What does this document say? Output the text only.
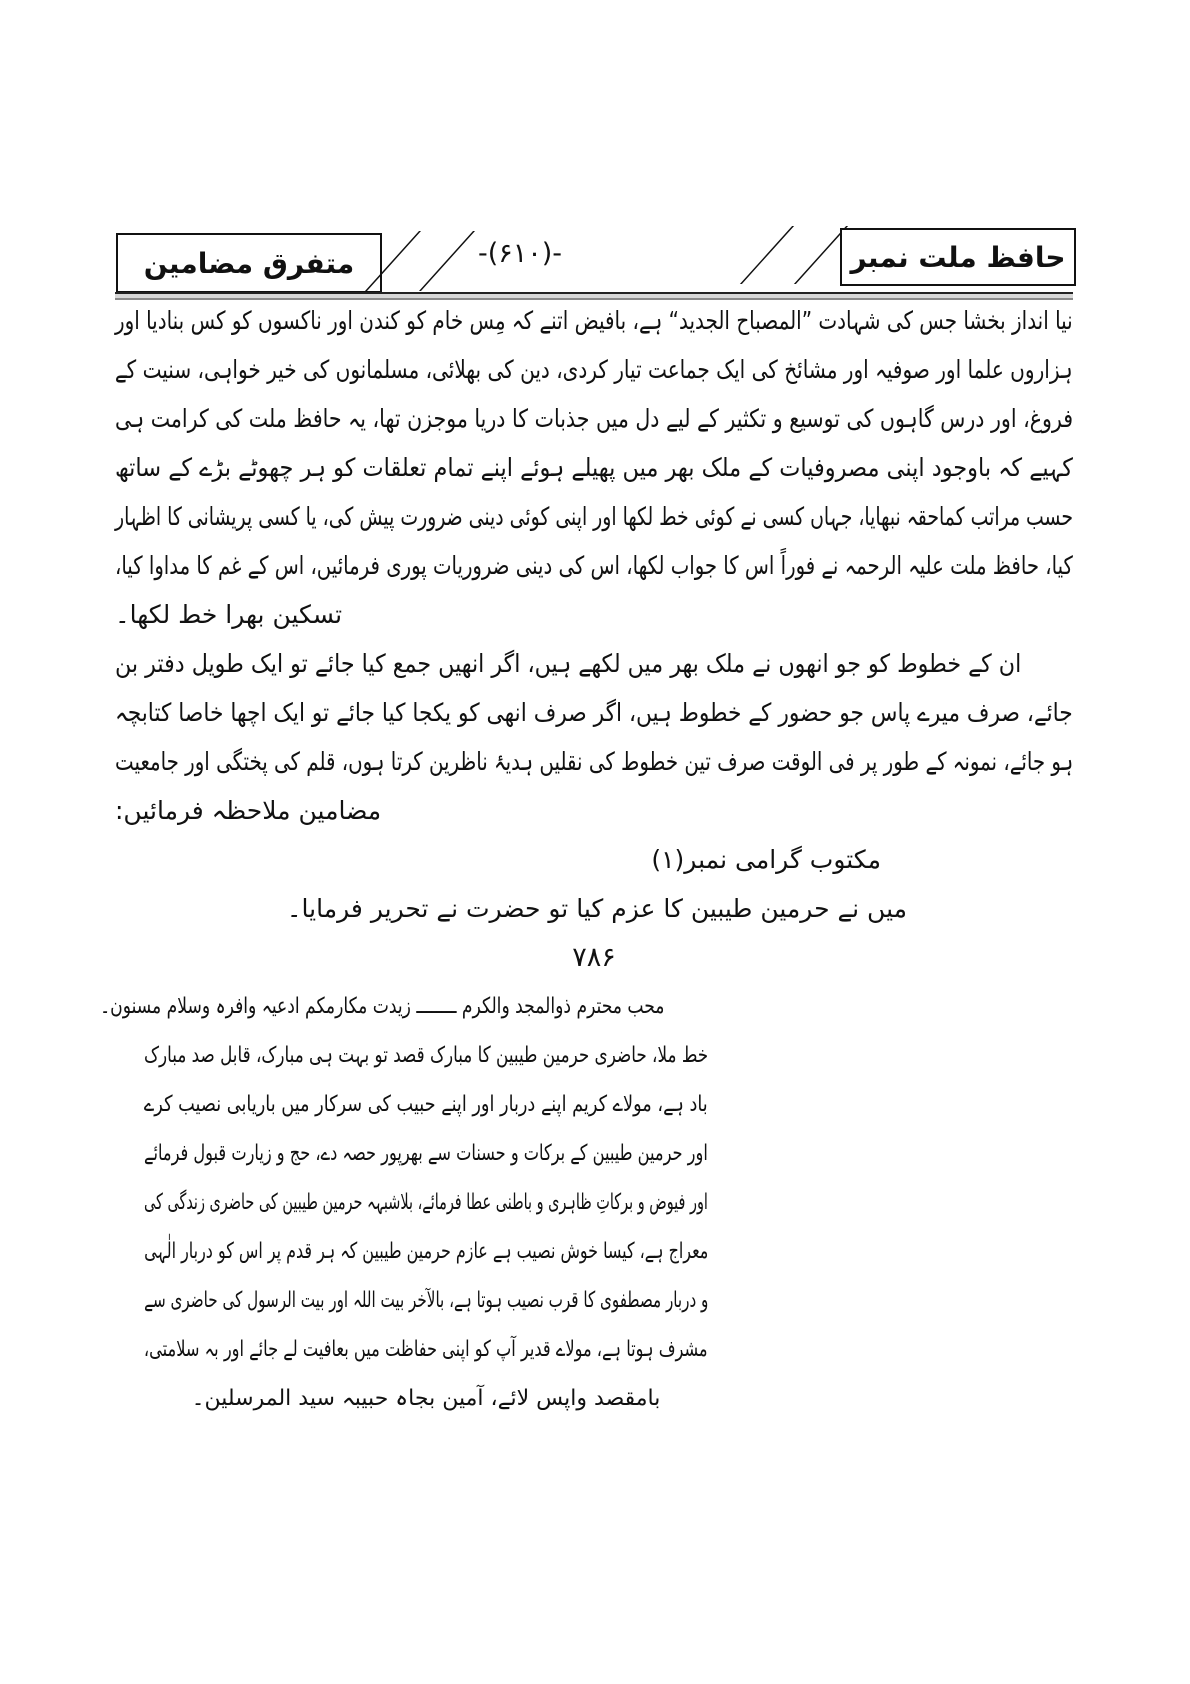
متفرق مضامین	-(۶۱۰)-	حافظ ملت نمبر
نیا انداز بخشا جس کی شہادت ”المصباح الجدید“ ہے، بافیض اتنے کہ مِس خام کو کندن اور ناکسوں کو کس بنادیا اور
ہزاروں علما اور صوفیہ اور مشائخ کی ایک جماعت تیار کردی، دین کی بھلائی، مسلمانوں کی خیر خواہی، سنیت کے
فروغ، اور درس گاہوں کی توسیع و تکثیر کے لیے دل میں جذبات کا دریا موجزن تھا، یہ حافظ ملت کی کرامت ہی
کہیے کہ باوجود اپنی مصروفیات کے ملک بھر میں پھیلے ہوئے اپنے تمام تعلقات کو ہر چھوٹے بڑے کے ساتھ
حسب مراتب کماحقہ نبھایا، جہاں کسی نے کوئی خط لکھا اور اپنی کوئی دینی ضرورت پیش کی، یا کسی پریشانی کا اظہار
کیا، حافظ ملت علیہ الرحمہ نے فوراً اس کا جواب لکھا، اس کی دینی ضروریات پوری فرمائیں، اس کے غم کا مداوا کیا،
تسکین بھرا خط لکھا۔
ان کے خطوط کو جو انھوں نے ملک بھر میں لکھے ہیں، اگر انھیں جمع کیا جائے تو ایک طویل دفتر بن
جائے، صرف میرے پاس جو حضور کے خطوط ہیں، اگر صرف انھی کو یکجا کیا جائے تو ایک اچھا خاصا کتابچہ
ہو جائے، نمونہ کے طور پر فی الوقت صرف تین خطوط کی نقلیں ہدیۂ ناظرین کرتا ہوں، قلم کی پختگی اور جامعیت
مضامین ملاحظہ فرمائیں:
مکتوب گرامی نمبر(۱)
میں نے حرمین طیبین کا عزم کیا تو حضرت نے تحریر فرمایا۔
۷۸۶
محب محترم ذوالمجد والکرم ــــــــ زیدت مکارمکم ادعیہ وافرہ وسلام مسنون۔
خط ملا، حاضری حرمین طیبین کا مبارک قصد تو بہت ہی مبارک، قابل صد مبارک
باد ہے، مولاے کریم اپنے دربار اور اپنے حبیب کی سرکار میں باریابی نصیب کرے
اور حرمین طیبین کے برکات و حسنات سے بھرپور حصہ دے، حج و زیارت قبول فرمائے
اور فیوض و برکاتِ ظاہری و باطنی عطا فرمائے، بلاشبہہ حرمین طیبین کی حاضری زندگی کی
معراج ہے، کیسا خوش نصیب ہے عازم حرمین طیبین کہ ہر قدم پر اس کو دربار الٰہی
و دربار مصطفوی کا قرب نصیب ہوتا ہے، بالآخر بیت اللہ اور بیت الرسول کی حاضری سے
مشرف ہوتا ہے، مولاے قدیر آپ کو اپنی حفاظت میں بعافیت لے جائے اور بہ سلامتی،
بامقصد واپس لائے، آمین بجاہ حبیبہ سید المرسلین۔
